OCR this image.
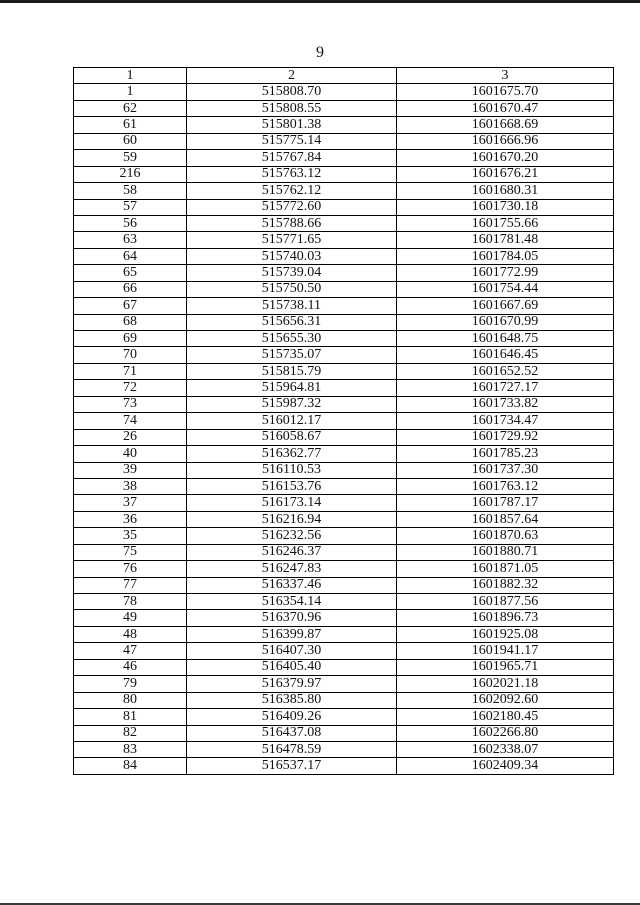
9
1	2	3
1	515808.70	1601675.70
62	515808.55	1601670.47
61	515801.38	1601668.69
60	515775.14	1601666.96
59	515767.84	1601670.20
216	515763.12	1601676.21
58	515762.12	1601680.31
57	515772.60	1601730.18
56	515788.66	1601755.66
63	515771.65	1601781.48
64	515740.03	1601784.05
65	515739.04	1601772.99
66	515750.50	1601754.44
67	515738.11	1601667.69
68	515656.31	1601670.99
69	515655.30	1601648.75
70	515735.07	1601646.45
71	515815.79	1601652.52
72	515964.81	1601727.17
73	515987.32	1601733.82
74	516012.17	1601734.47
26	516058.67	1601729.92
40	516362.77	1601785.23
39	516110.53	1601737.30
38	516153.76	1601763.12
37	516173.14	1601787.17
36	516216.94	1601857.64
35	516232.56	1601870.63
75	516246.37	1601880.71
76	516247.83	1601871.05
77	516337.46	1601882.32
78	516354.14	1601877.56
49	516370.96	1601896.73
48	516399.87	1601925.08
47	516407.30	1601941.17
46	516405.40	1601965.71
79	516379.97	1602021.18
80	516385.80	1602092.60
81	516409.26	1602180.45
82	516437.08	1602266.80
83	516478.59	1602338.07
84	516537.17	1602409.34
